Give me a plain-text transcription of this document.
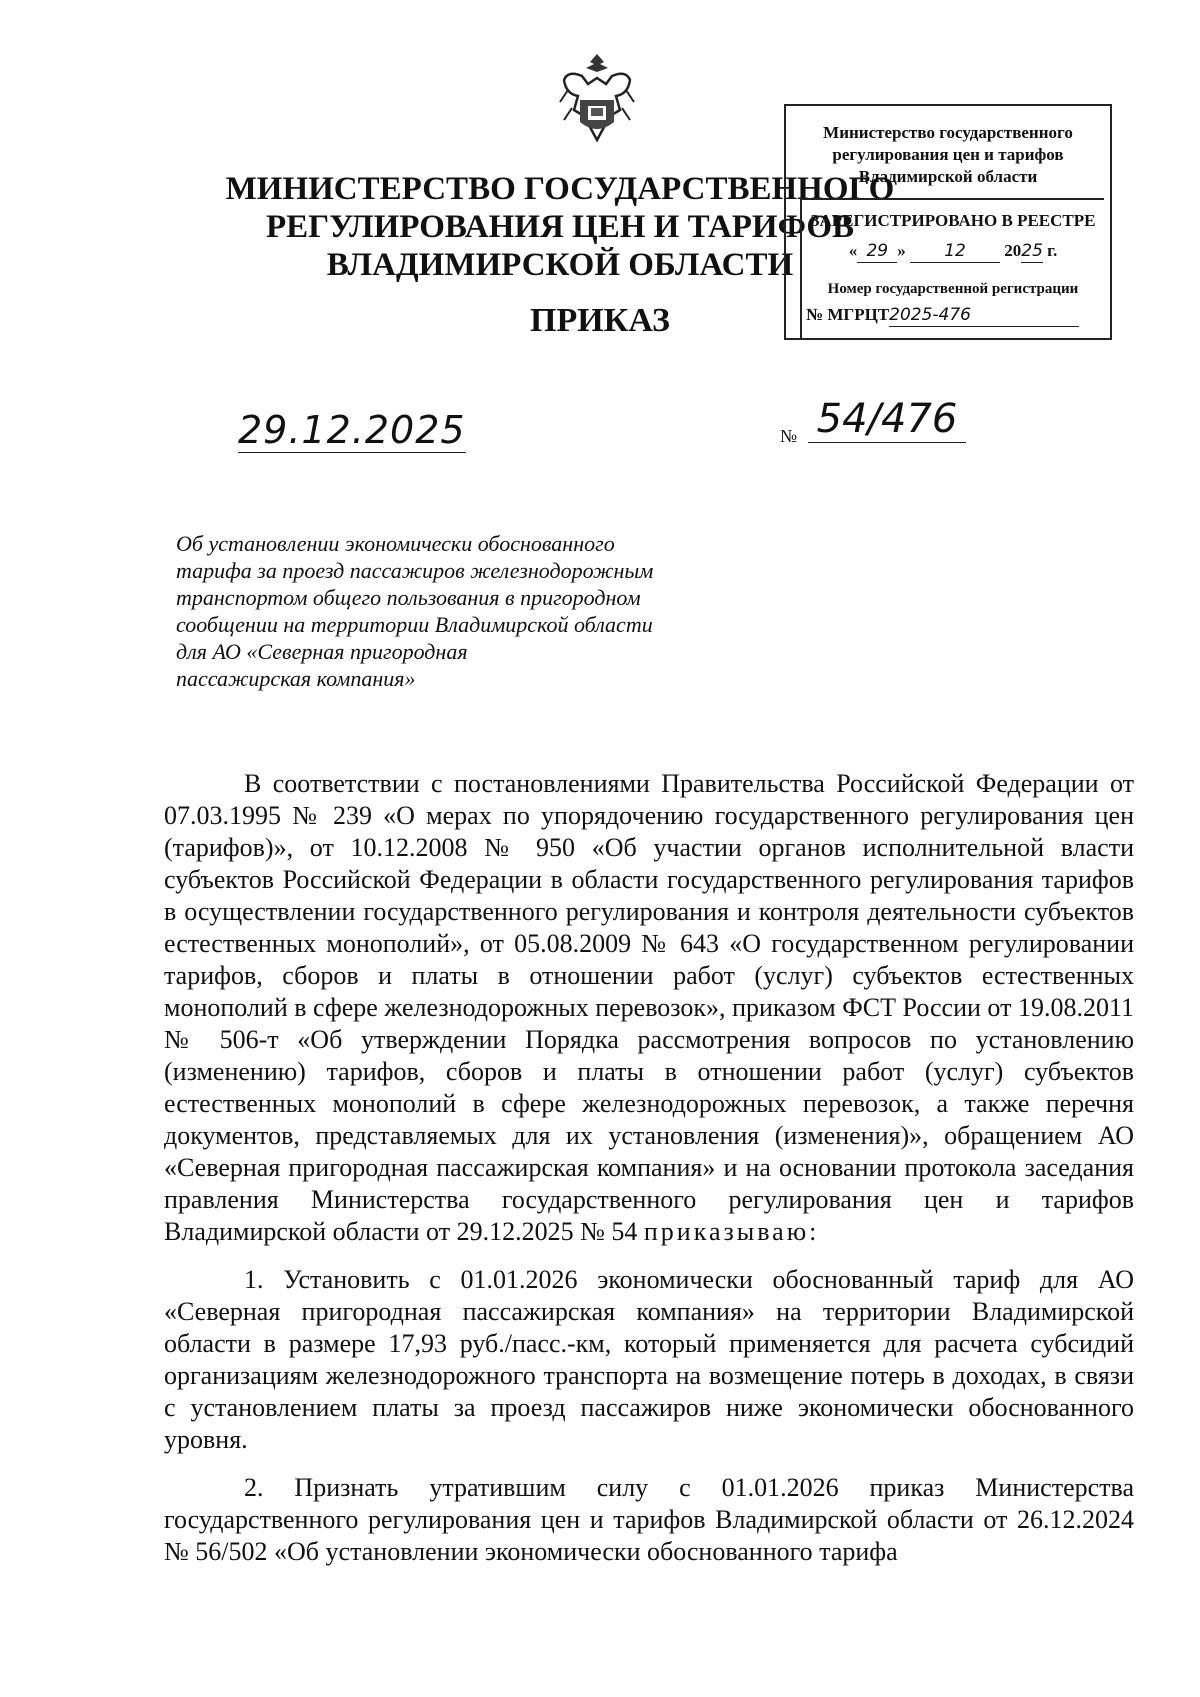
МИНИСТЕРСТВО ГОСУДАРСТВЕННОГО
РЕГУЛИРОВАНИЯ ЦЕН И ТАРИФОВ
ВЛАДИМИРСКОЙ ОБЛАСТИ
ПРИКАЗ
Министерство государственного
регулирования цен и тарифов
Владимирской области
ЗАРЕГИСТРИРОВАНО В РЕЕСТРЕ
« 29 » 12 2025 г.
Номер государственной регистрации
№ МГРЦТ2025-476
29.12.2025	№ 54/476
Об установлении экономически обоснованного
тарифа за проезд пассажиров железнодорожным
транспортом общего пользования в пригородном
сообщении на территории Владимирской области
для АО «Северная пригородная
пассажирская компания»

В соответствии с постановлениями Правительства Российской Федерации от 07.03.1995 № 239 «О мерах по упорядочению государственного регулирования цен (тарифов)», от 10.12.2008 № 950 «Об участии органов исполнительной власти субъектов Российской Федерации в области государственного регулирования тарифов в осуществлении государственного регулирования и контроля деятельности субъектов естественных монополий», от 05.08.2009 № 643 «О государственном регулировании тарифов, сборов и платы в отношении работ (услуг) субъектов естественных монополий в сфере железнодорожных перевозок», приказом ФСТ России от 19.08.2011 № 506-т «Об утверждении Порядка рассмотрения вопросов по установлению (изменению) тарифов, сборов и платы в отношении работ (услуг) субъектов естественных монополий в сфере железнодорожных перевозок, а также перечня документов, представляемых для их установления (изменения)», обращением АО «Северная пригородная пассажирская компания» и на основании протокола заседания правления Министерства государственного регулирования цен и тарифов Владимирской области от 29.12.2025 № 54 приказываю:

1. Установить с 01.01.2026 экономически обоснованный тариф для АО «Северная пригородная пассажирская компания» на территории Владимирской области в размере 17,93 руб./пасс.-км, который применяется для расчета субсидий организациям железнодорожного транспорта на возмещение потерь в доходах, в связи с установлением платы за проезд пассажиров ниже экономически обоснованного уровня.

2. Признать утратившим силу с 01.01.2026 приказ Министерства государственного регулирования цен и тарифов Владимирской области от 26.12.2024 № 56/502 «Об установлении экономически обоснованного тарифа
